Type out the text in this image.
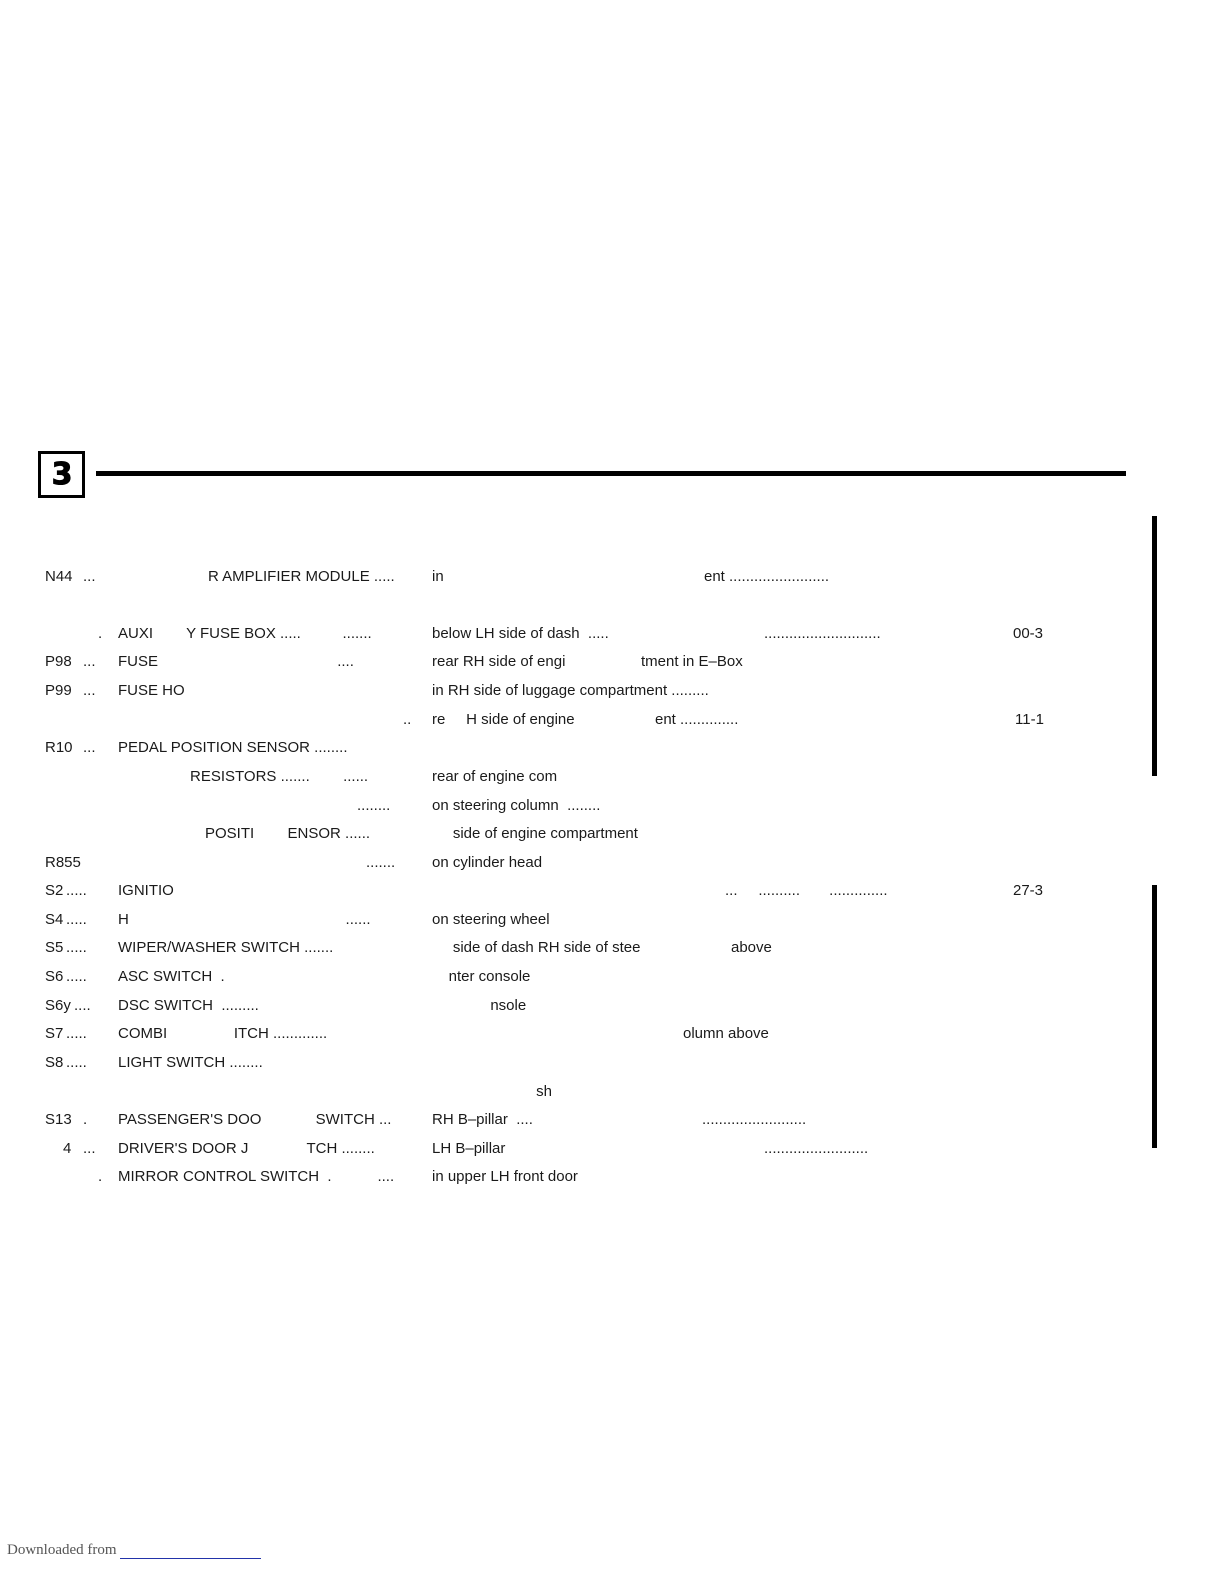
3
N44 ...	R AMPLIFIER MODULE ..... in	ent ........................
. AUXI        Y FUSE BOX .....          .......	below LH side of dash  .....	............................	00-3
P98 ... FUSE                                           ....	rear RH side of engi	tment in E–Box
P99 ... FUSE HO	in RH side of luggage compartment .........
.. re     H side of engine	ent ..............	11-1
R10 ... PEDAL POSITION SENSOR ........
RESISTORS .......        ......	rear of engine com
........	on steering column  ........
POSITI        ENSOR ......	side of engine compartment
R855	....... on cylinder head
S2 ..... IGNITIO	...     ..........       ..............	27-3
S4 ..... H                                                    ......	on steering wheel
S5 ..... WIPER/WASHER SWITCH .......	side of dash RH side of stee	above
S6 ..... ASC SWITCH  .	nter console
S6y .... DSC SWITCH  .........	nsole
S7 ..... COMBI                ITCH .............	olumn above
S8 ..... LIGHT SWITCH ........
sh
S13 . PASSENGER'S DOO             SWITCH ...	RH B–pillar  ....	.........................
4 ... DRIVER'S DOOR J              TCH ........	LH B–pillar	.........................
. MIRROR CONTROL SWITCH  .           ....	in upper LH front door
Downloaded from
